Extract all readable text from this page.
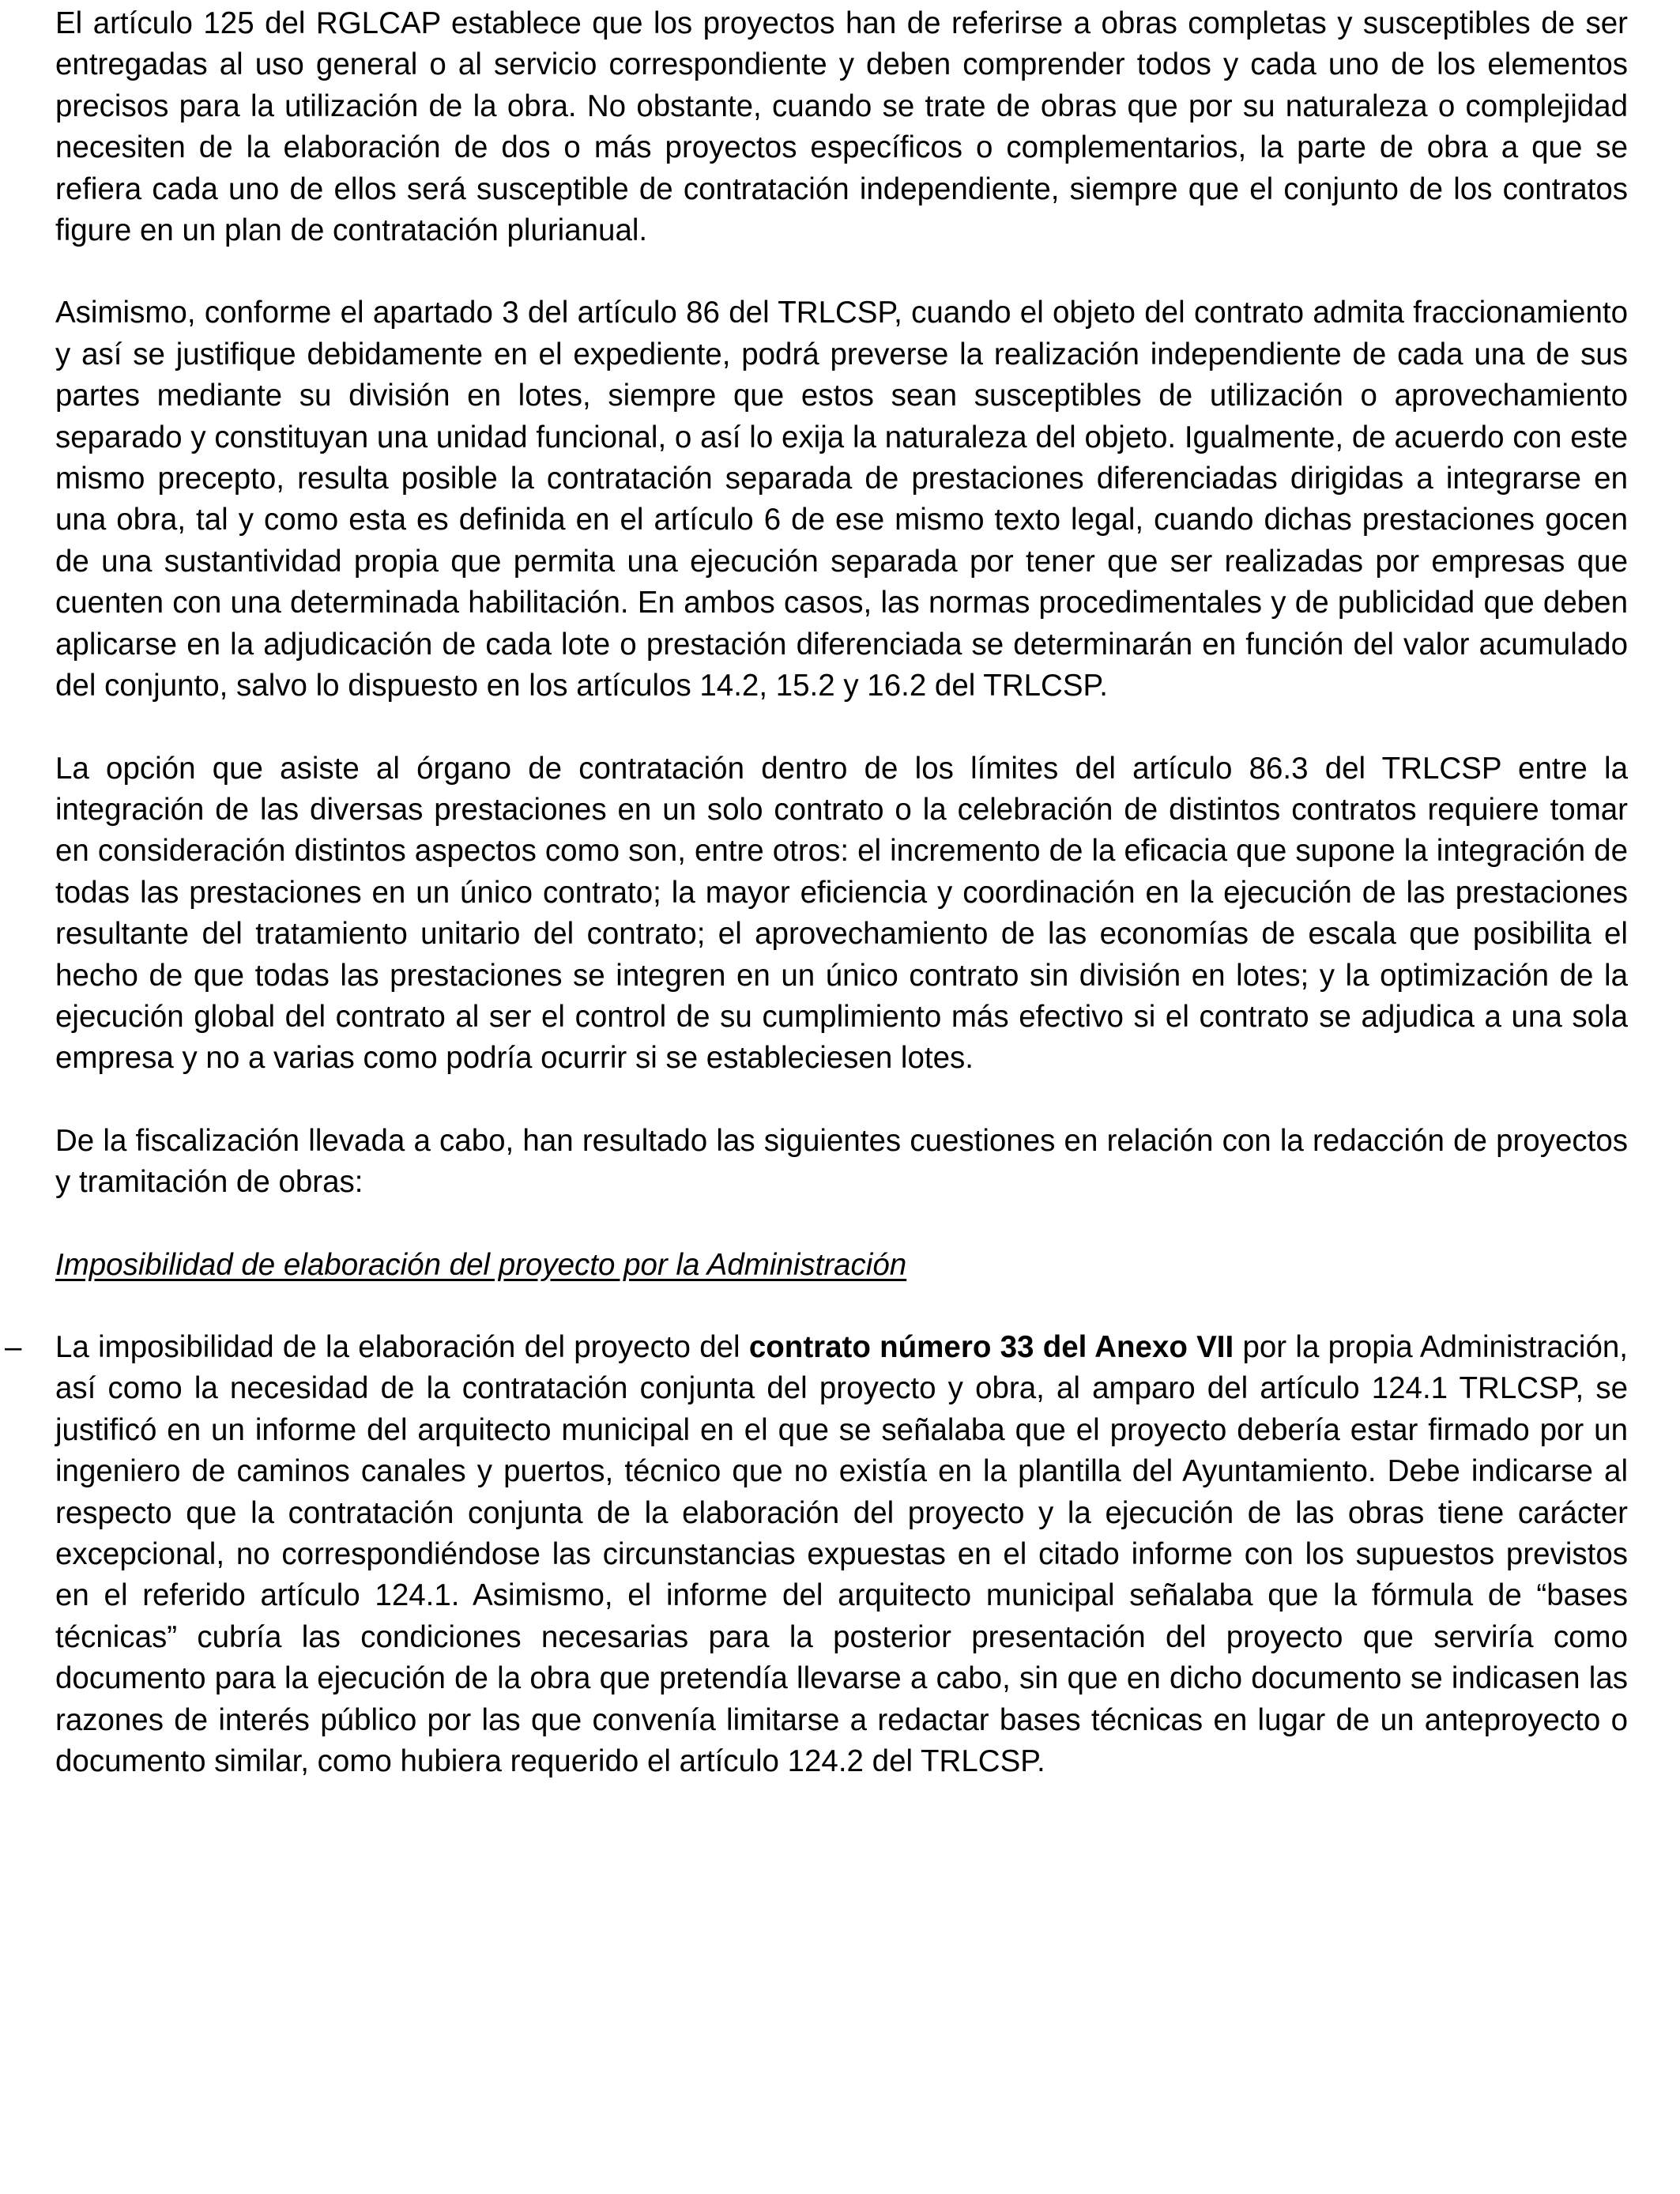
El artículo 125 del RGLCAP establece que los proyectos han de referirse a obras completas y susceptibles de ser entregadas al uso general o al servicio correspondiente y deben comprender todos y cada uno de los elementos precisos para la utilización de la obra. No obstante, cuando se trate de obras que por su naturaleza o complejidad necesiten de la elaboración de dos o más proyectos específicos o complementarios, la parte de obra a que se refiera cada uno de ellos será susceptible de contratación independiente, siempre que el conjunto de los contratos figure en un plan de contratación plurianual.

Asimismo, conforme el apartado 3 del artículo 86 del TRLCSP, cuando el objeto del contrato admita fraccionamiento y así se justifique debidamente en el expediente, podrá preverse la realización independiente de cada una de sus partes mediante su división en lotes, siempre que estos sean susceptibles de utilización o aprovechamiento separado y constituyan una unidad funcional, o así lo exija la naturaleza del objeto. Igualmente, de acuerdo con este mismo precepto, resulta posible la contratación separada de prestaciones diferenciadas dirigidas a integrarse en una obra, tal y como esta es definida en el artículo 6 de ese mismo texto legal, cuando dichas prestaciones gocen de una sustantividad propia que permita una ejecución separada por tener que ser realizadas por empresas que cuenten con una determinada habilitación. En ambos casos, las normas procedimentales y de publicidad que deben aplicarse en la adjudicación de cada lote o prestación diferenciada se determinarán en función del valor acumulado del conjunto, salvo lo dispuesto en los artículos 14.2, 15.2 y 16.2 del TRLCSP.

La opción que asiste al órgano de contratación dentro de los límites del artículo 86.3 del TRLCSP entre la integración de las diversas prestaciones en un solo contrato o la celebración de distintos contratos requiere tomar en consideración distintos aspectos como son, entre otros: el incremento de la eficacia que supone la integración de todas las prestaciones en un único contrato; la mayor eficiencia y coordinación en la ejecución de las prestaciones resultante del tratamiento unitario del contrato; el aprovechamiento de las economías de escala que posibilita el hecho de que todas las prestaciones se integren en un único contrato sin división en lotes; y la optimización de la ejecución global del contrato al ser el control de su cumplimiento más efectivo si el contrato se adjudica a una sola empresa y no a varias como podría ocurrir si se estableciesen lotes.

De la fiscalización llevada a cabo, han resultado las siguientes cuestiones en relación con la redacción de proyectos y tramitación de obras:

Imposibilidad de elaboración del proyecto por la Administración

– La imposibilidad de la elaboración del proyecto del contrato número 33 del Anexo VII por la propia Administración, así como la necesidad de la contratación conjunta del proyecto y obra, al amparo del artículo 124.1 TRLCSP, se justificó en un informe del arquitecto municipal en el que se señalaba que el proyecto debería estar firmado por un ingeniero de caminos canales y puertos, técnico que no existía en la plantilla del Ayuntamiento. Debe indicarse al respecto que la contratación conjunta de la elaboración del proyecto y la ejecución de las obras tiene carácter excepcional, no correspondiéndose las circunstancias expuestas en el citado informe con los supuestos previstos en el referido artículo 124.1. Asimismo, el informe del arquitecto municipal señalaba que la fórmula de “bases técnicas” cubría las condiciones necesarias para la posterior presentación del proyecto que serviría como documento para la ejecución de la obra que pretendía llevarse a cabo, sin que en dicho documento se indicasen las razones de interés público por las que convenía limitarse a redactar bases técnicas en lugar de un anteproyecto o documento similar, como hubiera requerido el artículo 124.2 del TRLCSP.
